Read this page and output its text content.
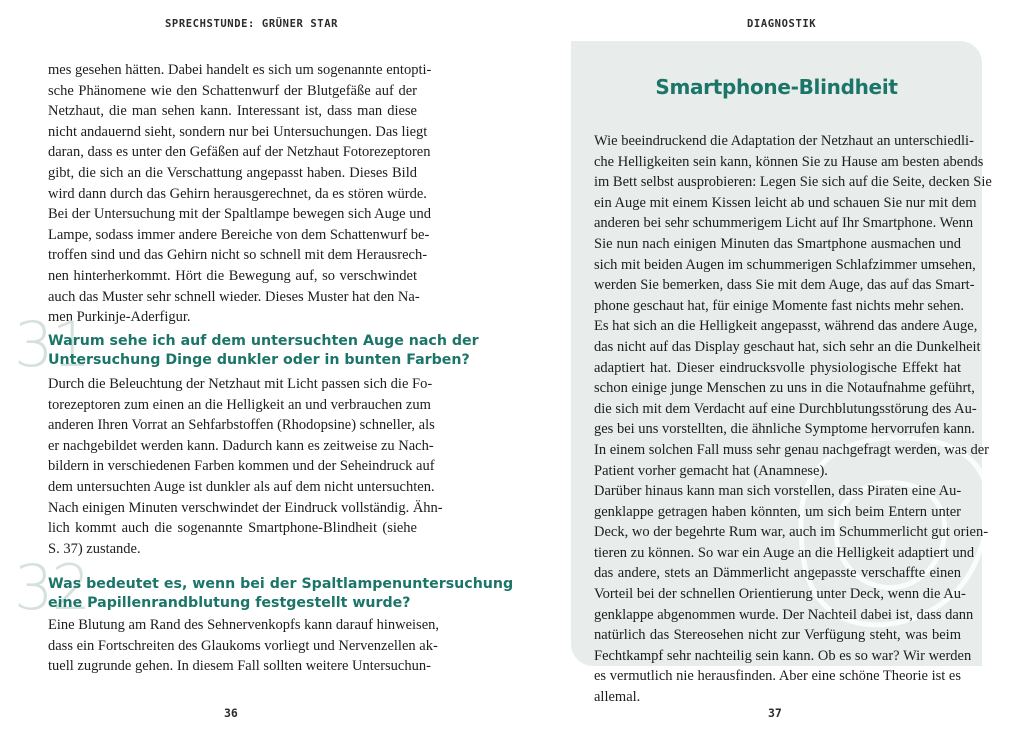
SPRECHSTUNDE: GRÜNER STAR
mes gesehen hätten. Dabei handelt es sich um sogenannte entopti-
sche Phänomene wie den Schattenwurf der Blutgefäße auf der
Netzhaut, die man sehen kann. Interessant ist, dass man diese
nicht andauernd sieht, sondern nur bei Untersuchungen. Das liegt
daran, dass es unter den Gefäßen auf der Netzhaut Fotorezeptoren
gibt, die sich an die Verschattung angepasst haben. Dieses Bild
wird dann durch das Gehirn herausgerechnet, da es stören würde.
Bei der Untersuchung mit der Spaltlampe bewegen sich Auge und
Lampe, sodass immer andere Bereiche von dem Schattenwurf be-
troffen sind und das Gehirn nicht so schnell mit dem Herausrech-
nen hinterherkommt. Hört die Bewegung auf, so verschwindet
auch das Muster sehr schnell wieder. Dieses Muster hat den Na-
men Purkinje-Aderfigur.
31
Warum sehe ich auf dem untersuchten Auge nach der
Untersuchung Dinge dunkler oder in bunten Farben?
Durch die Beleuchtung der Netzhaut mit Licht passen sich die Fo-
torezeptoren zum einen an die Helligkeit an und verbrauchen zum
anderen Ihren Vorrat an Sehfarbstoffen (Rhodopsine) schneller, als
er nachgebildet werden kann. Dadurch kann es zeitweise zu Nach-
bildern in verschiedenen Farben kommen und der Seheindruck auf
dem untersuchten Auge ist dunkler als auf dem nicht untersuchten.
Nach einigen Minuten verschwindet der Eindruck vollständig. Ähn-
lich kommt auch die sogenannte Smartphone-Blindheit (siehe
S. 37) zustande.
32
Was bedeutet es, wenn bei der Spaltlampenuntersuchung
eine Papillenrandblutung festgestellt wurde?
Eine Blutung am Rand des Sehnervenkopfs kann darauf hinweisen,
dass ein Fortschreiten des Glaukoms vorliegt und Nervenzellen ak-
tuell zugrunde gehen. In diesem Fall sollten weitere Untersuchun-
36
DIAGNOSTIK
Smartphone-Blindheit
Wie beeindruckend die Adaptation der Netzhaut an unterschiedli-
che Helligkeiten sein kann, können Sie zu Hause am besten abends
im Bett selbst ausprobieren: Legen Sie sich auf die Seite, decken Sie
ein Auge mit einem Kissen leicht ab und schauen Sie nur mit dem
anderen bei sehr schummerigem Licht auf Ihr Smartphone. Wenn
Sie nun nach einigen Minuten das Smartphone ausmachen und
sich mit beiden Augen im schummerigen Schlafzimmer umsehen,
werden Sie bemerken, dass Sie mit dem Auge, das auf das Smart-
phone geschaut hat, für einige Momente fast nichts mehr sehen.
Es hat sich an die Helligkeit angepasst, während das andere Auge,
das nicht auf das Display geschaut hat, sich sehr an die Dunkelheit
adaptiert hat. Dieser eindrucksvolle physiologische Effekt hat
schon einige junge Menschen zu uns in die Notaufnahme geführt,
die sich mit dem Verdacht auf eine Durchblutungsstörung des Au-
ges bei uns vorstellten, die ähnliche Symptome hervorrufen kann.
In einem solchen Fall muss sehr genau nachgefragt werden, was der
Patient vorher gemacht hat (Anamnese).
Darüber hinaus kann man sich vorstellen, dass Piraten eine Au-
genklappe getragen haben könnten, um sich beim Entern unter
Deck, wo der begehrte Rum war, auch im Schummerlicht gut orien-
tieren zu können. So war ein Auge an die Helligkeit adaptiert und
das andere, stets an Dämmerlicht angepasste verschaffte einen
Vorteil bei der schnellen Orientierung unter Deck, wenn die Au-
genklappe abgenommen wurde. Der Nachteil dabei ist, dass dann
natürlich das Stereosehen nicht zur Verfügung steht, was beim
Fechtkampf sehr nachteilig sein kann. Ob es so war? Wir werden
es vermutlich nie herausfinden. Aber eine schöne Theorie ist es
allemal.
37
